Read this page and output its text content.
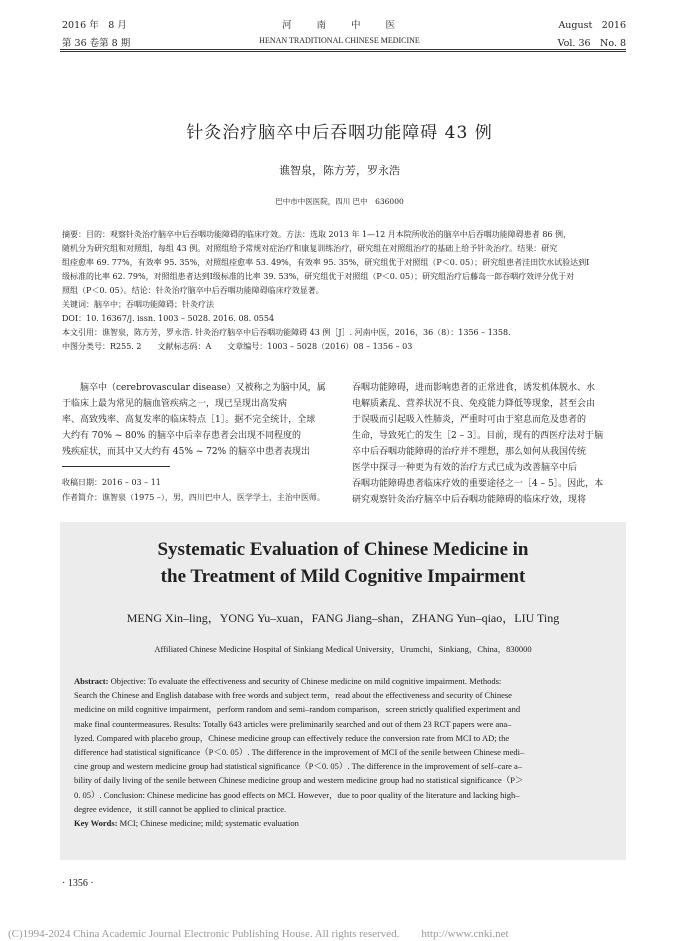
2016 年　8 月	河　　南　　中　　医	August　2016
第 36 卷第 8 期	HENAN TRADITIONAL CHINESE MEDICINE	Vol. 36　No. 8
针灸治疗脑卒中后吞咽功能障碍 43 例
谯智泉，陈方芳，罗永浩
巴中市中医医院，四川 巴中　636000
摘要：目的：观察针灸治疗脑卒中后吞咽功能障碍的临床疗效。方法：选取 2013 年 1—12 月本院所收治的脑卒中后吞咽功能障碍患者 86 例，
随机分为研究组和对照组，每组 43 例。对照组给予常规对症治疗和康复训练治疗，研究组在对照组治疗的基础上给予针灸治疗。结果：研究
组痊愈率 69. 77%，有效率 95. 35%，对照组痊愈率 53. 49%，有效率 95. 35%，研究组优于对照组（P＜0. 05）；研究组患者洼田饮水试验达到Ⅰ
级标准的比率 62. 79%，对照组患者达到Ⅰ级标准的比率 39. 53%，研究组优于对照组（P＜0. 05）；研究组治疗后藤岛一郎吞咽疗效评分优于对
照组（P＜0. 05）。结论：针灸治疗脑卒中后吞咽功能障碍临床疗效显著。
关键词：脑卒中；吞咽功能障碍；针灸疗法
DOI：10. 16367/j. issn. 1003 – 5028. 2016. 08. 0554
本文引用：谯智泉，陈方芳，罗永浩. 针灸治疗脑卒中后吞咽功能障碍 43 例［J］. 河南中医，2016，36（8）：1356 – 1358.
中图分类号：R255. 2　　文献标志码：A　　文章编号：1003 – 5028（2016）08 – 1356 – 03
　　脑卒中（cerebrovascular disease）又被称之为脑中风，属
于临床上最为常见的脑血管疾病之一，现已呈现出高发病
率、高致残率、高复发率的临床特点［1］。据不完全统计，全球
大约有 70% ~ 80% 的脑卒中后幸存患者会出现不同程度的
残疾症状，而其中又大约有 45% ~ 72% 的脑卒中患者表现出
收稿日期：2016 – 03 – 11
作者简介：谯智泉（1975 –），男，四川巴中人，医学学士，主治中医师。
吞咽功能障碍，进而影响患者的正常进食，诱发机体脱水、水
电解质紊乱、营养状况不良、免疫能力降低等现象，甚至会由
于误吸而引起吸入性肺炎，严重时可由于窒息而危及患者的
生命，导致死亡的发生［2 – 3］。目前，现有的西医疗法对于脑
卒中后吞咽功能障碍的治疗并不理想，那么如何从我国传统
医学中探寻一种更为有效的治疗方式已成为改善脑卒中后
吞咽功能障碍患者临床疗效的重要途径之一［4 – 5］。因此，本
研究观察针灸治疗脑卒中后吞咽功能障碍的临床疗效，现将
Systematic Evaluation of Chinese Medicine in
the Treatment of Mild Cognitive Impairment
MENG Xin–ling，YONG Yu–xuan，FANG Jiang–shan，ZHANG Yun–qiao，LIU Ting
Affiliated Chinese Medicine Hospital of Sinkiang Medical University，Urumchi，Sinkiang，China，830000
Abstract: Objective: To evaluate the effectiveness and security of Chinese medicine on mild cognitive impairment. Methods:
Search the Chinese and English database with free words and subject term，read about the effectiveness and security of Chinese
medicine on mild cognitive impairment，perform random and semi–random comparison，screen strictly qualified experiment and
make final countermeasures. Results: Totally 643 articles were preliminarily searched and out of them 23 RCT papers were ana–
lyzed. Compared with placebo group，Chinese medicine group can effectively reduce the conversion rate from MCI to AD; the
difference had statistical significance（P＜0. 05）. The difference in the improvement of MCI of the senile between Chinese medi–
cine group and western medicine group had statistical significance（P＜0. 05）. The difference in the improvement of self–care a–
bility of daily living of the senile between Chinese medicine group and western medicine group had no statistical significance（P＞
0. 05）. Conclusion: Chinese medicine has good effects on MCI. However，due to poor quality of the literature and lacking high–
degree evidence，it still cannot be applied to clinical practice.
Key Words: MCI; Chinese medicine; mild; systematic evaluation
· 1356 ·
(C)1994-2024 China Academic Journal Electronic Publishing House. All rights reserved.　　http://www.cnki.net
